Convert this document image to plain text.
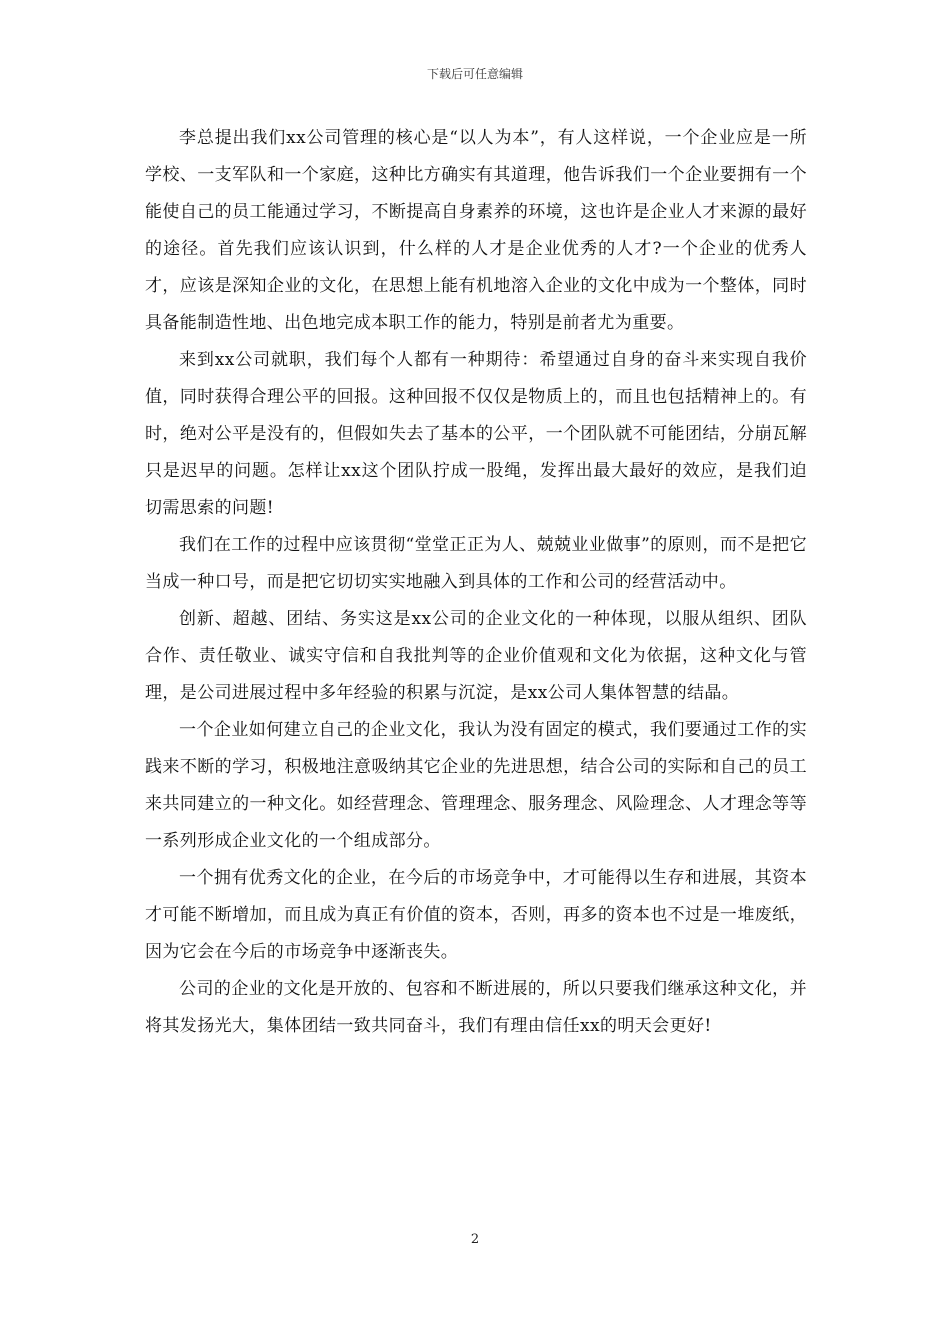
下载后可任意编辑

李总提出我们xx公司管理的核心是“以人为本”，有人这样说，一个企业应是一所学校、一支军队和一个家庭，这种比方确实有其道理，他告诉我们一个企业要拥有一个能使自己的员工能通过学习，不断提高自身素养的环境，这也许是企业人才来源的最好的途径。首先我们应该认识到，什么样的人才是企业优秀的人才?一个企业的优秀人才，应该是深知企业的文化，在思想上能有机地溶入企业的文化中成为一个整体，同时具备能制造性地、出色地完成本职工作的能力，特别是前者尤为重要。

来到xx公司就职，我们每个人都有一种期待：希望通过自身的奋斗来实现自我价值，同时获得合理公平的回报。这种回报不仅仅是物质上的，而且也包括精神上的。有时，绝对公平是没有的，但假如失去了基本的公平，一个团队就不可能团结，分崩瓦解只是迟早的问题。怎样让xx这个团队拧成一股绳，发挥出最大最好的效应，是我们迫切需思索的问题!

我们在工作的过程中应该贯彻“堂堂正正为人、兢兢业业做事”的原则，而不是把它当成一种口号，而是把它切切实实地融入到具体的工作和公司的经营活动中。

创新、超越、团结、务实这是xx公司的企业文化的一种体现，以服从组织、团队合作、责任敬业、诚实守信和自我批判等的企业价值观和文化为依据，这种文化与管理，是公司进展过程中多年经验的积累与沉淀，是xx公司人集体智慧的结晶。

一个企业如何建立自己的企业文化，我认为没有固定的模式，我们要通过工作的实践来不断的学习，积极地注意吸纳其它企业的先进思想，结合公司的实际和自己的员工来共同建立的一种文化。如经营理念、管理理念、服务理念、风险理念、人才理念等等一系列形成企业文化的一个组成部分。

一个拥有优秀文化的企业，在今后的市场竞争中，才可能得以生存和进展，其资本才可能不断增加，而且成为真正有价值的资本，否则，再多的资本也不过是一堆废纸，因为它会在今后的市场竞争中逐渐丧失。

公司的企业的文化是开放的、包容和不断进展的，所以只要我们继承这种文化，并将其发扬光大，集体团结一致共同奋斗，我们有理由信任xx的明天会更好!

2
